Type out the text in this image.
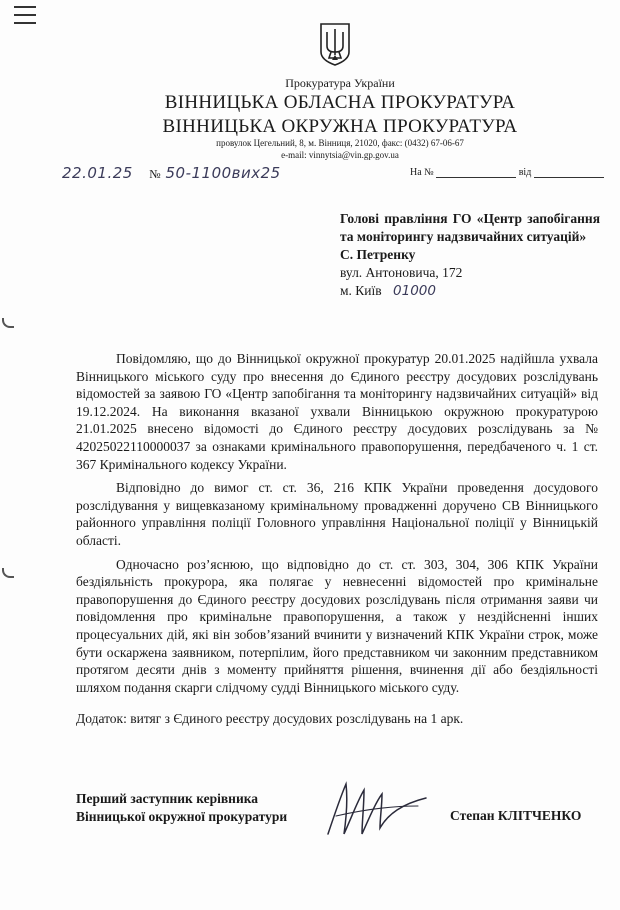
Прокуратура України
ВІННИЦЬКА ОБЛАСНА ПРОКУРАТУРА
ВІННИЦЬКА ОКРУЖНА ПРОКУРАТУРА
провулок Цегельний, 8, м. Вінниця, 21020, факс: (0432) 67-06-67
e-mail: vinnytsia@vin.gp.gov.ua
22.01.25 № 50-1100вих25	На №	від
Голові правління ГО «Центр запобігання та моніторингу надзвичайних ситуацій»
С. Петренку
вул. Антоновича, 172
м. Київ 01000

Повідомляю, що до Вінницької окружної прокуратур 20.01.2025 надійшла ухвала Вінницького міського суду про внесення до Єдиного реєстру досудових розслідувань відомостей за заявою ГО «Центр запобігання та моніторингу надзвичайних ситуацій» від 19.12.2024. На виконання вказаної ухвали Вінницькою окружною прокуратурою 21.01.2025 внесено відомості до Єдиного реєстру досудових розслідувань за № 42025022110000037 за ознаками кримінального правопорушення, передбаченого ч. 1 ст. 367 Кримінального кодексу України.

Відповідно до вимог ст. ст. 36, 216 КПК України проведення досудового розслідування у вищевказаному кримінальному провадженні доручено СВ Вінницького районного управління поліції Головного управління Національної поліції у Вінницькій області.

Одночасно роз’яснюю, що відповідно до ст. ст. 303, 304, 306 КПК України бездіяльність прокурора, яка полягає у невнесенні відомостей про кримінальне правопорушення до Єдиного реєстру досудових розслідувань після отримання заяви чи повідомлення про кримінальне правопорушення, а також у нездійсненні інших процесуальних дій, які він зобов’язаний вчинити у визначений КПК України строк, може бути оскаржена заявником, потерпілим, його представником чи законним представником протягом десяти днів з моменту прийняття рішення, вчинення дії або бездіяльності шляхом подання скарги слідчому судді Вінницького міського суду.

Додаток: витяг з Єдиного реєстру досудових розслідувань на 1 арк.

Перший заступник керівника
Вінницької окружної прокуратури	Степан КЛІТЧЕНКО
